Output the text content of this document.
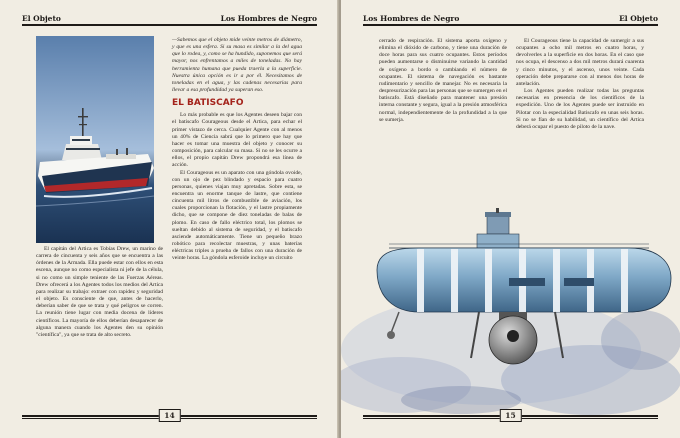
El Objeto	Los Hombres de Negro

El capitán del Artica es Tobías Drew, un marino de carrera de cincuenta y seis años que se encuentra a las órdenes de la Armada. Ella puede estar con ellos en esta escena, aunque no como especialista ni jefe de la célula, si no como un simple teniente de las Fuerzas Aéreas. Drew ofrecerá a los Agentes todos los medios del Artica para realizar su trabajo: extraer con rapidez y seguridad el objeto. Es consciente de que, antes de hacerlo, deberían saber de que se trata y qué peligros se corren. La reunión tiene lugar con media docena de líderes científicos. La mayoría de ellos deberían desaparecer de alguna manera cuando los Agentes den su opinión "científica", ya que se trata de alto secreto.

—Sabemos que el objeto mide veinte metros de diámetro, y que es una esfera. Si su masa es similar a la del agua que lo rodea, y, como se ha hundido, suponemos que será mayor, nos enfrentamos a miles de toneladas. No hay herramienta humana que pueda traerla a la superficie. Nuestra única opción es ir a por él. Necesitamos de toneladas en el agua, y las cadenas necesarias para llevar a esa profundidad ya superan eso.

EL BATISCAFO

Lo más probable es que los Agentes deseen bajar con el batiscafo Courageous desde el Artica, para echar el primer vistazo de cerca. Cualquier Agente con al menos un 40% de Ciencia sabrá que lo primero que hay que hacer es tomar una muestra del objeto y conocer su composición, para calcular su masa. Si no se les ocurre a ellos, el propio capitán Drew propondrá esa línea de acción.

El Courageous es un aparato con una góndola ovoide, con un ojo de pez blindado y espacio para cuatro personas, quienes viajan muy apretadas. Sobre esta, se encuentra un enorme tanque de lastre, que contiene cincuenta mil litros de combustible de aviación, los cuales proporcionan la flotación, y el lastre propiamente dicho, que se compone de diez toneladas de balas de plomo. En caso de fallo eléctrico total, los plomos se sueltan debido al sistema de seguridad, y el batiscafo asciende automáticamente. Tiene un pequeño brazo robótico para recolectar muestras, y unas baterías eléctricas triples a prueba de fallos con una duración de veinte horas. La góndola esferoide incluye un circuito

14
Los Hombres de Negro	El Objeto

cerrado de respiración. El sistema aporta oxígeno y elimina el dióxido de carbono, y tiene una duración de doce horas para sus cuatro ocupantes. Estos períodos pueden aumentarse o disminuirse variando la cantidad de oxígeno a bordo o cambiando el número de ocupantes. El sistema de navegación es bastante rudimentario y sencillo de manejar. No es necesaria la despresurización para las personas que se sumergen en el batiscafo. Está diseñado para mantener una presión interna constante y segura, igual a la presión atmosférica normal, independientemente de la profundidad a la que se sumerja.

El Courageous tiene la capacidad de sumergir a sus ocupantes a ocho mil metros en cuatro horas, y devolverles a la superficie en dos horas. En el caso que nos ocupa, el descenso a dos mil metros durará cuarenta y cinco minutos, y el ascenso, unos veinte. Cada operación debe prepararse con al menos dos horas de antelación.

Los Agentes pueden realizar todas las preguntas necesarias en presencia de los científicos de la expedición. Uno de los Agentes puede ser instruido en Pilotar con la especialidad Batiscafo en unas seis horas. Si no se fían de su habilidad, un científico del Artica deberá ocupar el puesto de piloto de la nave.

15
